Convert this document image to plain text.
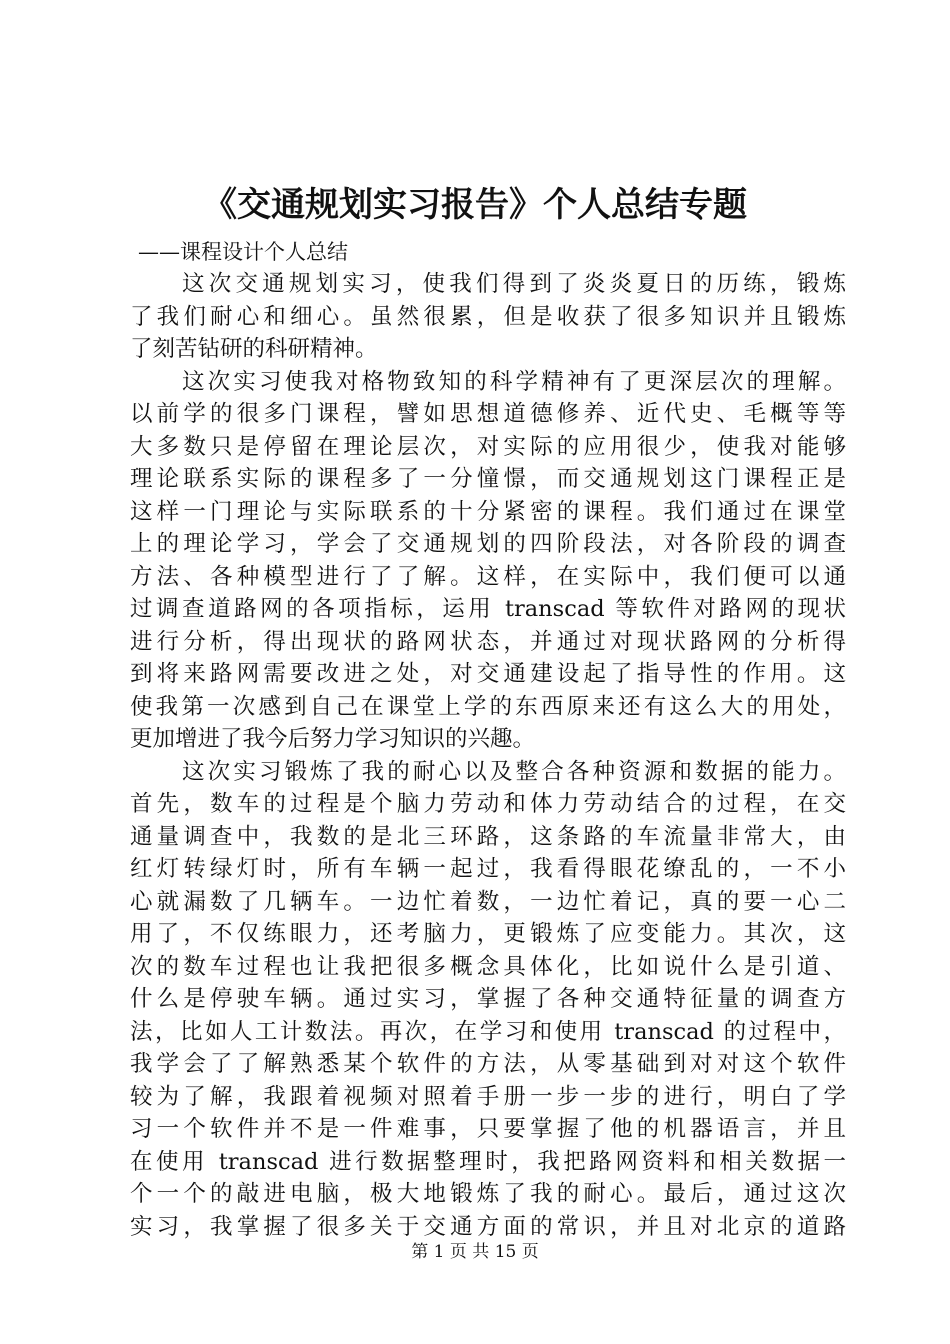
《交通规划实习报告》个人总结专题
——课程设计个人总结
这次交通规划实习，使我们得到了炎炎夏日的历练，锻炼
了我们耐心和细心。虽然很累，但是收获了很多知识并且锻炼
了刻苦钻研的科研精神。
这次实习使我对格物致知的科学精神有了更深层次的理解。
以前学的很多门课程，譬如思想道德修养、近代史、毛概等等
大多数只是停留在理论层次，对实际的应用很少，使我对能够
理论联系实际的课程多了一分憧憬，而交通规划这门课程正是
这样一门理论与实际联系的十分紧密的课程。我们通过在课堂
上的理论学习，学会了交通规划的四阶段法，对各阶段的调查
方法、各种模型进行了了解。这样，在实际中，我们便可以通
过调查道路网的各项指标，运用 transcad 等软件对路网的现状
进行分析，得出现状的路网状态，并通过对现状路网的分析得
到将来路网需要改进之处，对交通建设起了指导性的作用。这
使我第一次感到自己在课堂上学的东西原来还有这么大的用处，
更加增进了我今后努力学习知识的兴趣。
这次实习锻炼了我的耐心以及整合各种资源和数据的能力。
首先，数车的过程是个脑力劳动和体力劳动结合的过程，在交
通量调查中，我数的是北三环路，这条路的车流量非常大，由
红灯转绿灯时，所有车辆一起过，我看得眼花缭乱的，一不小
心就漏数了几辆车。一边忙着数，一边忙着记，真的要一心二
用了，不仅练眼力，还考脑力，更锻炼了应变能力。其次，这
次的数车过程也让我把很多概念具体化，比如说什么是引道、
什么是停驶车辆。通过实习，掌握了各种交通特征量的调查方
法，比如人工计数法。再次，在学习和使用 transcad 的过程中，
我学会了了解熟悉某个软件的方法，从零基础到对对这个软件
较为了解，我跟着视频对照着手册一步一步的进行，明白了学
习一个软件并不是一件难事，只要掌握了他的机器语言，并且
在使用 transcad 进行数据整理时，我把路网资料和相关数据一
个一个的敲进电脑，极大地锻炼了我的耐心。最后，通过这次
实习，我掌握了很多关于交通方面的常识，并且对北京的道路
第 1 页 共 15 页
